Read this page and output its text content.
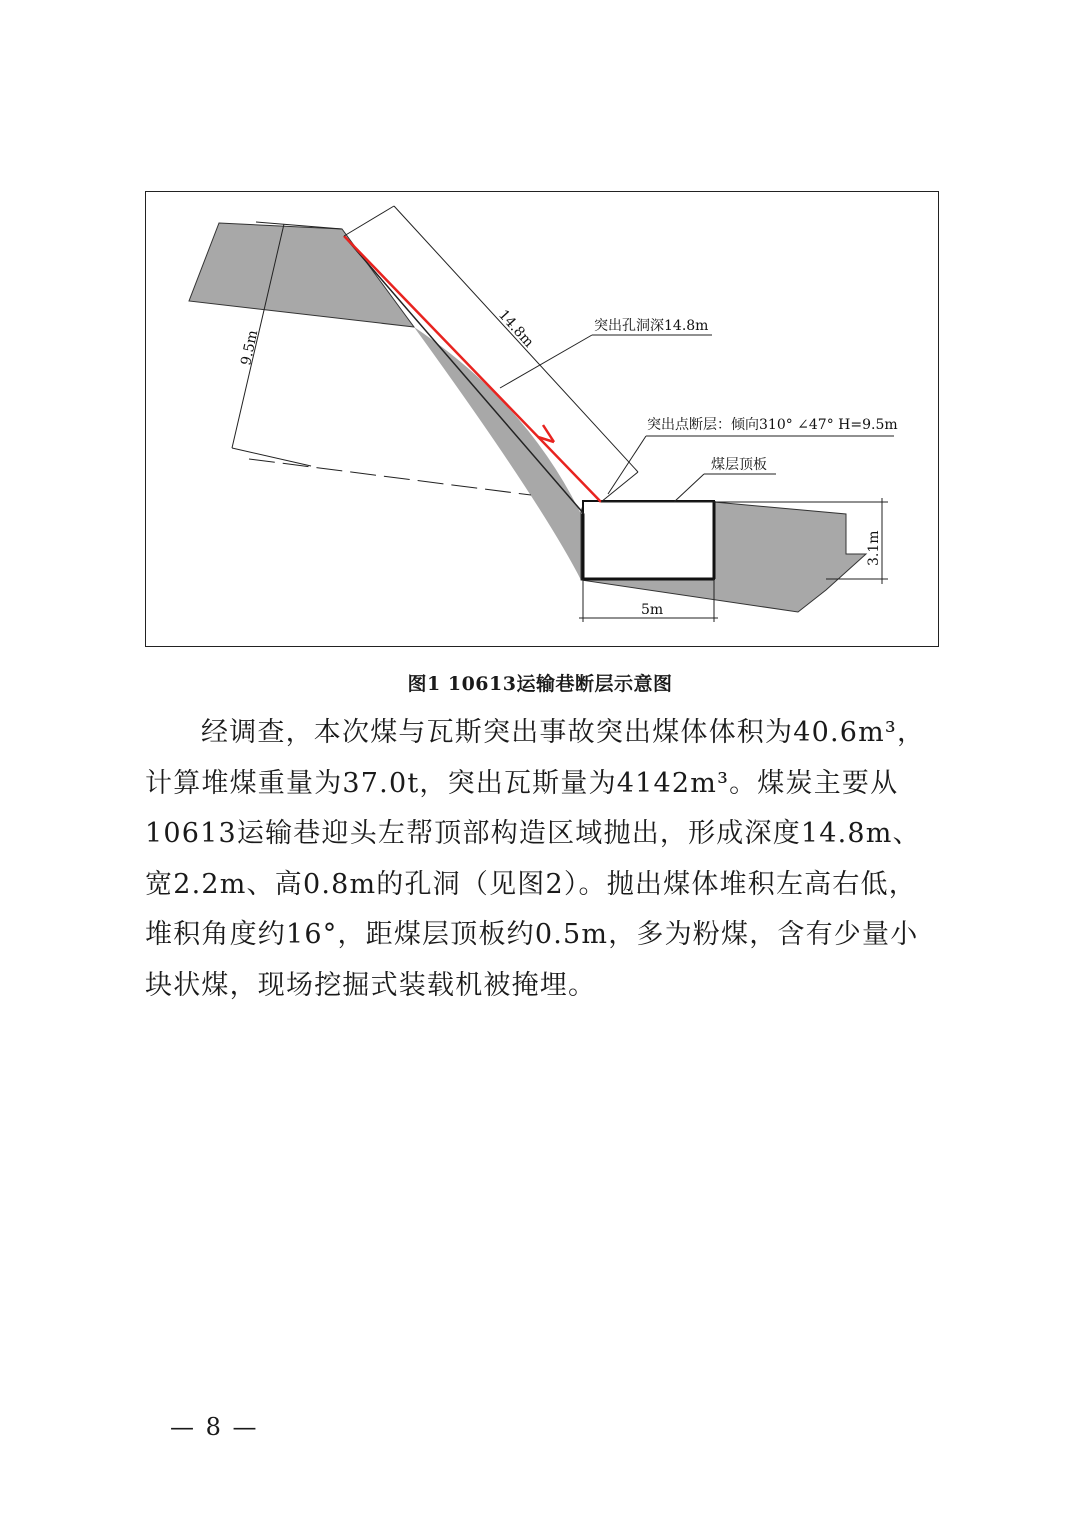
14.8m	突出孔洞深14.8m
突出点断层：倾向310° ∠47° H=9.5m
煤层顶板
9.5m
3.1m
5m
图1 10613运输巷断层示意图

经调查，本次煤与瓦斯突出事故突出煤体体积为40.6m³，计算堆煤重量为37.0t，突出瓦斯量为4142m³。煤炭主要从10613运输巷迎头左帮顶部构造区域抛出，形成深度14.8m、宽2.2m、高0.8m的孔洞（见图2）。抛出煤体堆积左高右低，堆积角度约16°，距煤层顶板约0.5m，多为粉煤，含有少量小块状煤，现场挖掘式装载机被掩埋。

— 8 —
